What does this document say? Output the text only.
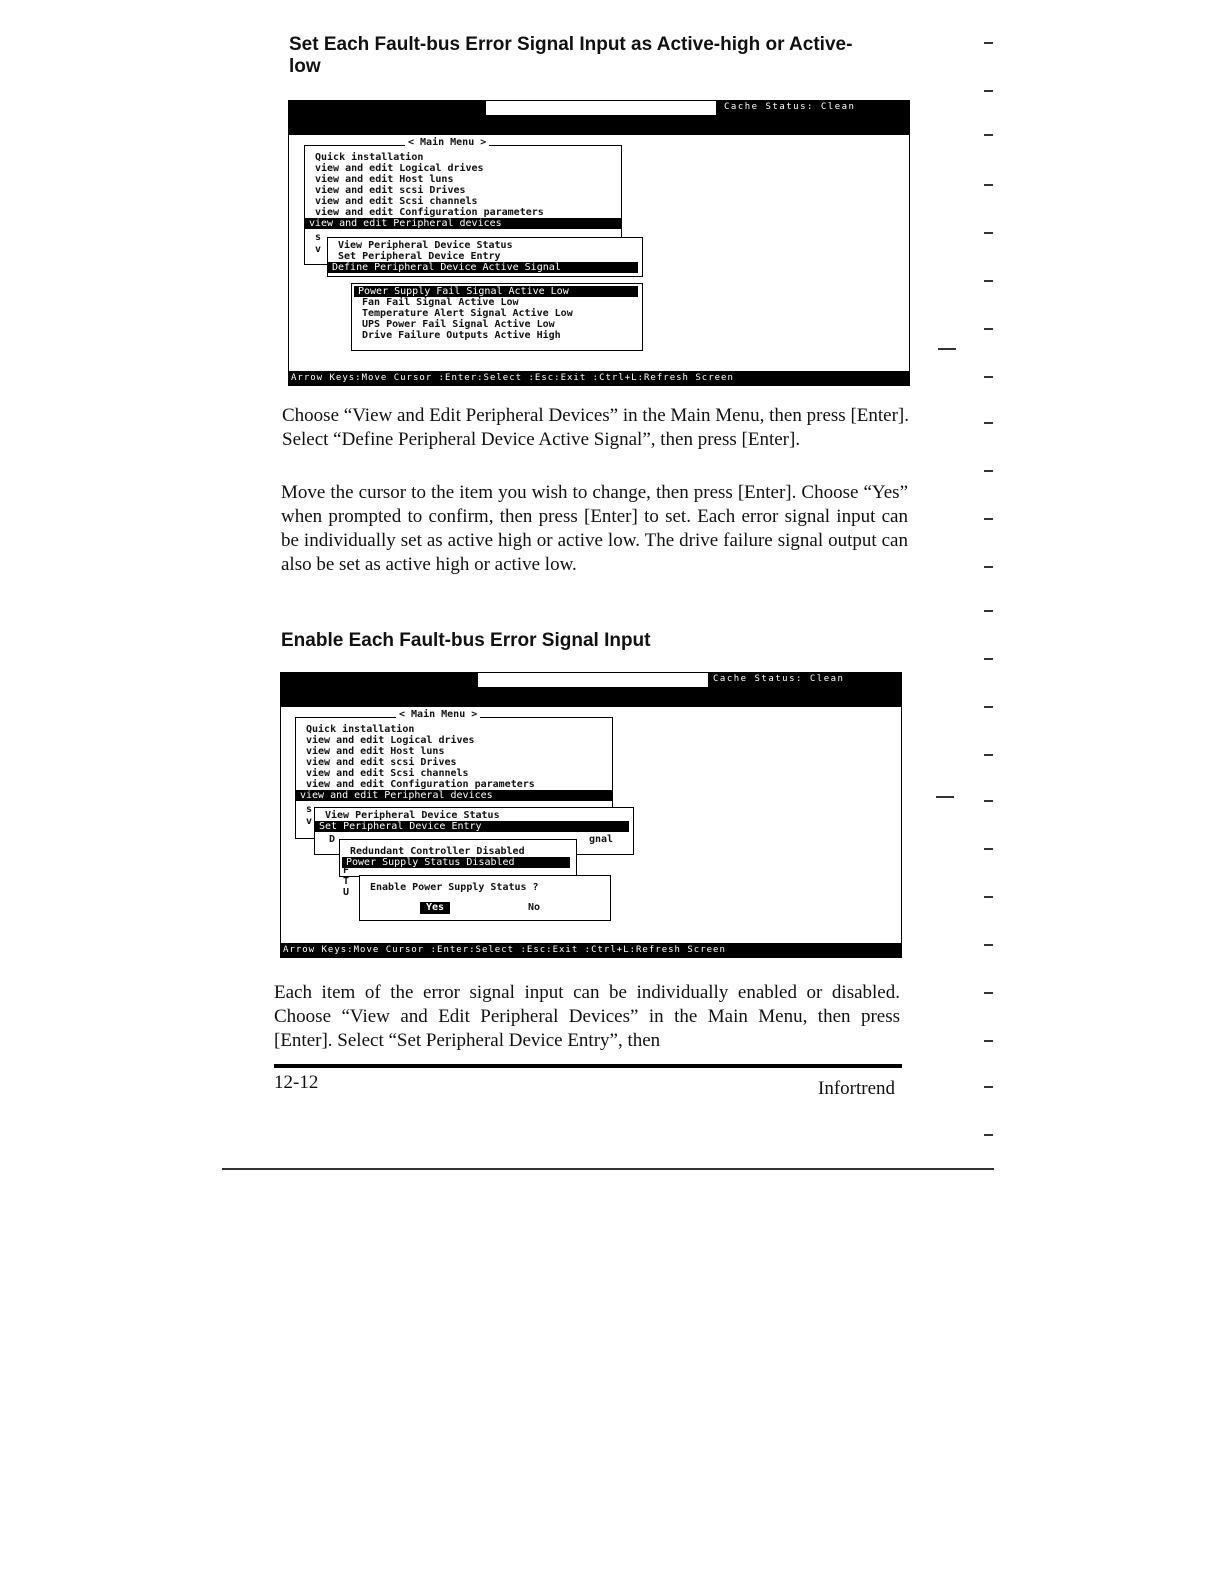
Set Each Fault-bus Error Signal Input as Active-high or Active-
low
Cache Status: Clean
< Main Menu >
Quick installation
view and edit Logical drives
view and edit Host luns
view and edit scsi Drives
view and edit Scsi channels
view and edit Configuration parameters
view and edit Peripheral devices
s
v View Peripheral Device Status
Set Peripheral Device Entry
Define Peripheral Device Active Signal
Power Supply Fail Signal Active Low
Fan Fail Signal Active Low
Temperature Alert Signal Active Low
UPS Power Fail Signal Active Low
Drive Failure Outputs Active High
Arrow Keys:Move Cursor :Enter:Select :Esc:Exit :Ctrl+L:Refresh Screen

Choose “View and Edit Peripheral Devices” in the Main Menu, then press [Enter]. Select “Define Peripheral Device Active Signal”, then press [Enter].

Move the cursor to the item you wish to change, then press [Enter]. Choose “Yes” when prompted to confirm, then press [Enter] to set. Each error signal input can be individually set as active high or active low. The drive failure signal output can also be set as active high or active low.

Enable Each Fault-bus Error Signal Input
Cache Status: Clean
< Main Menu >
Quick installation
view and edit Logical drives
view and edit Host luns
view and edit scsi Drives
view and edit Scsi channels
view and edit Configuration parameters
view and edit Peripheral devices
s
v
View Peripheral Device Status
Set Peripheral Device Entry
D	gnal
Redundant Controller Disabled
Power Supply Status Disabled
F
T
U Enable Power Supply Status ?
Yes	No
Arrow Keys:Move Cursor :Enter:Select :Esc:Exit :Ctrl+L:Refresh Screen

Each item of the error signal input can be individually enabled or disabled. Choose “View and Edit Peripheral Devices” in the Main Menu, then press [Enter]. Select “Set Peripheral Device Entry”, then

12-12	Infortrend
